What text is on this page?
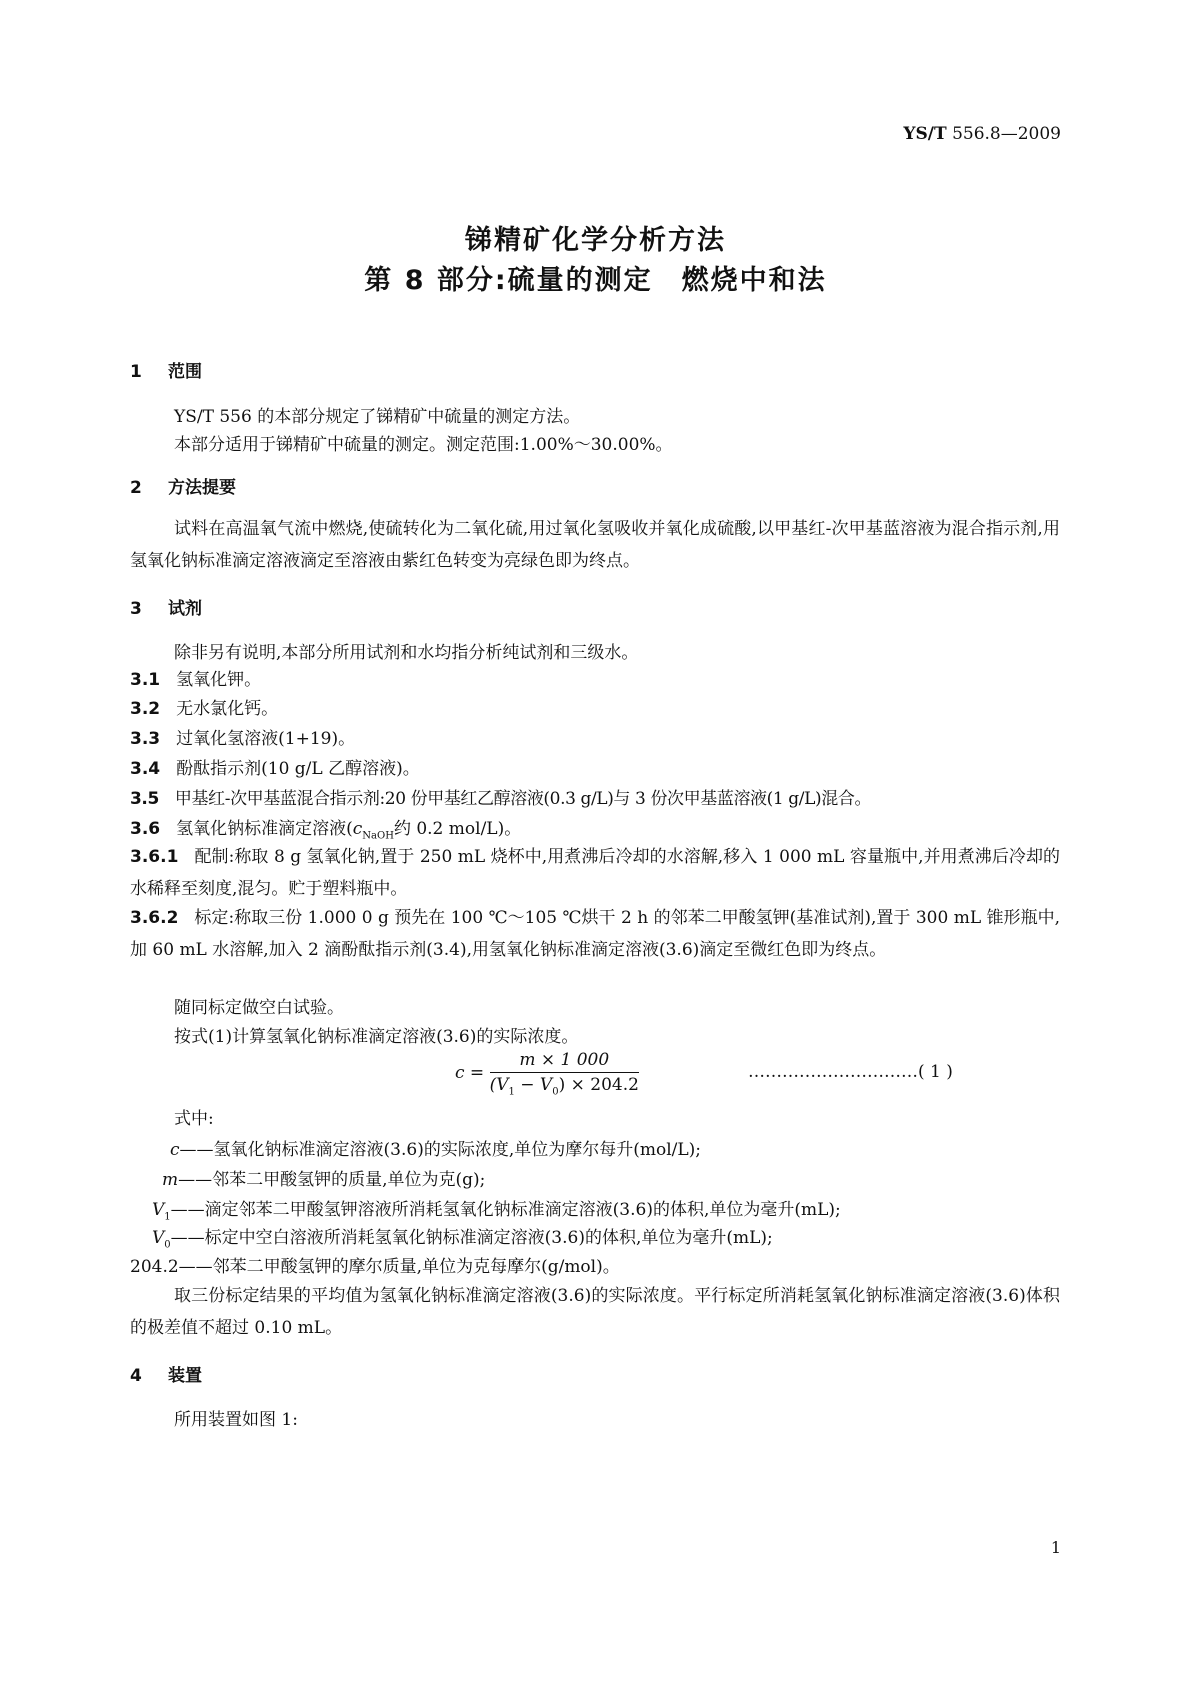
YS/T 556.8—2009
锑精矿化学分析方法
第 8 部分:硫量的测定　燃烧中和法
1 范围
YS/T 556 的本部分规定了锑精矿中硫量的测定方法。
本部分适用于锑精矿中硫量的测定。测定范围:1.00%～30.00%。
2 方法提要
试料在高温氧气流中燃烧,使硫转化为二氧化硫,用过氧化氢吸收并氧化成硫酸,以甲基红-次甲基蓝溶液为混合指示剂,用氢氧化钠标准滴定溶液滴定至溶液由紫红色转变为亮绿色即为终点。
3 试剂
除非另有说明,本部分所用试剂和水均指分析纯试剂和三级水。
3.1 氢氧化钾。
3.2 无水氯化钙。
3.3 过氧化氢溶液(1+19)。
3.4 酚酞指示剂(10 g/L 乙醇溶液)。
3.5 甲基红-次甲基蓝混合指示剂:20 份甲基红乙醇溶液(0.3 g/L)与 3 份次甲基蓝溶液(1 g/L)混合。
3.6 氢氧化钠标准滴定溶液($c_{NaOH}$约 0.2 mol/L)。
3.6.1 配制:称取 8 g 氢氧化钠,置于 250 mL 烧杯中,用煮沸后冷却的水溶解,移入 1 000 mL 容量瓶中,并用煮沸后冷却的水稀释至刻度,混匀。贮于塑料瓶中。
3.6.2 标定:称取三份 1.000 0 g 预先在 100 ℃～105 ℃烘干 2 h 的邻苯二甲酸氢钾(基准试剂),置于 300 mL 锥形瓶中,加 60 mL 水溶解,加入 2 滴酚酞指示剂(3.4),用氢氧化钠标准滴定溶液(3.6)滴定至微红色即为终点。
随同标定做空白试验。
按式(1)计算氢氧化钠标准滴定溶液(3.6)的实际浓度。
$c = \frac{m \times 1 000}{(V_1 - V_0) \times 204.2}$	…………………………( 1 )
式中:
c——氢氧化钠标准滴定溶液(3.6)的实际浓度,单位为摩尔每升(mol/L);
m——邻苯二甲酸氢钾的质量,单位为克(g);
$V_1——$滴定邻苯二甲酸氢钾溶液所消耗氢氧化钠标准滴定溶液(3.6)的体积,单位为毫升(mL);
$V_0——$标定中空白溶液所消耗氢氧化钠标准滴定溶液(3.6)的体积,单位为毫升(mL);
204.2——邻苯二甲酸氢钾的摩尔质量,单位为克每摩尔(g/mol)。
取三份标定结果的平均值为氢氧化钠标准滴定溶液(3.6)的实际浓度。平行标定所消耗氢氧化钠标准滴定溶液(3.6)体积的极差值不超过 0.10 mL。
4 装置
所用装置如图 1:
1
